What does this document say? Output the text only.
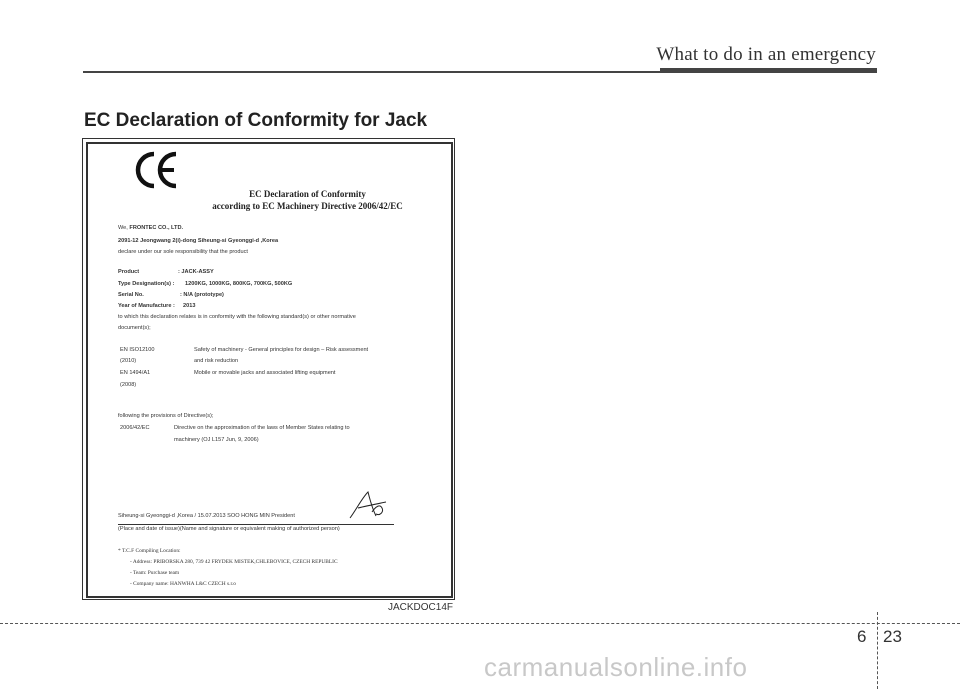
What to do in an emergency
EC Declaration of Conformity for Jack
EC Declaration of Conformity
according to EC Machinery Directive 2006/42/EC
We, FRONTEC CO., LTD.
2091-12 Jeongwang 2(i)-dong Siheung-si Gyeonggi-d ,Korea
declare under our sole responsibility that the product
Product	: JACK-ASSY
Type Designation(s) : 1200KG, 1000KG, 800KG, 700KG, 500KG
Serial No.	: N/A (prototype)
Year of Manufacture : 2013
to which this declaration relates is in conformity with the following standard(s) or other normative
document(s);
EN ISO12100	Safety of machinery - General principles for design – Risk assessment
(2010)	and risk reduction
EN 1494/A1	Mobile or movable jacks and associated lifting equipment
(2008)
following the provisions of Directive(s);
2006/42/EC	Directive on the approximation of the laws of Member States relating to
machinery (OJ L157 Jun, 9, 2006)
Siheung-si Gyeonggi-d ,Korea / 15.07.2013 SOO HONG MIN President
(Place and date of issue)(Name and signature or equivalent making of authorized person)
* T.C.F Compiling Location:
- Address: PRIBORSKA 280, 739 42 FRYDEK MISTEK,CHLEBOVICE, CZECH REPUBLIC
- Team: Purchase team
- Company name: HANWHA L&C CZECH s.r.o
JACKDOC14F
6 23
carmanualsonline.info
